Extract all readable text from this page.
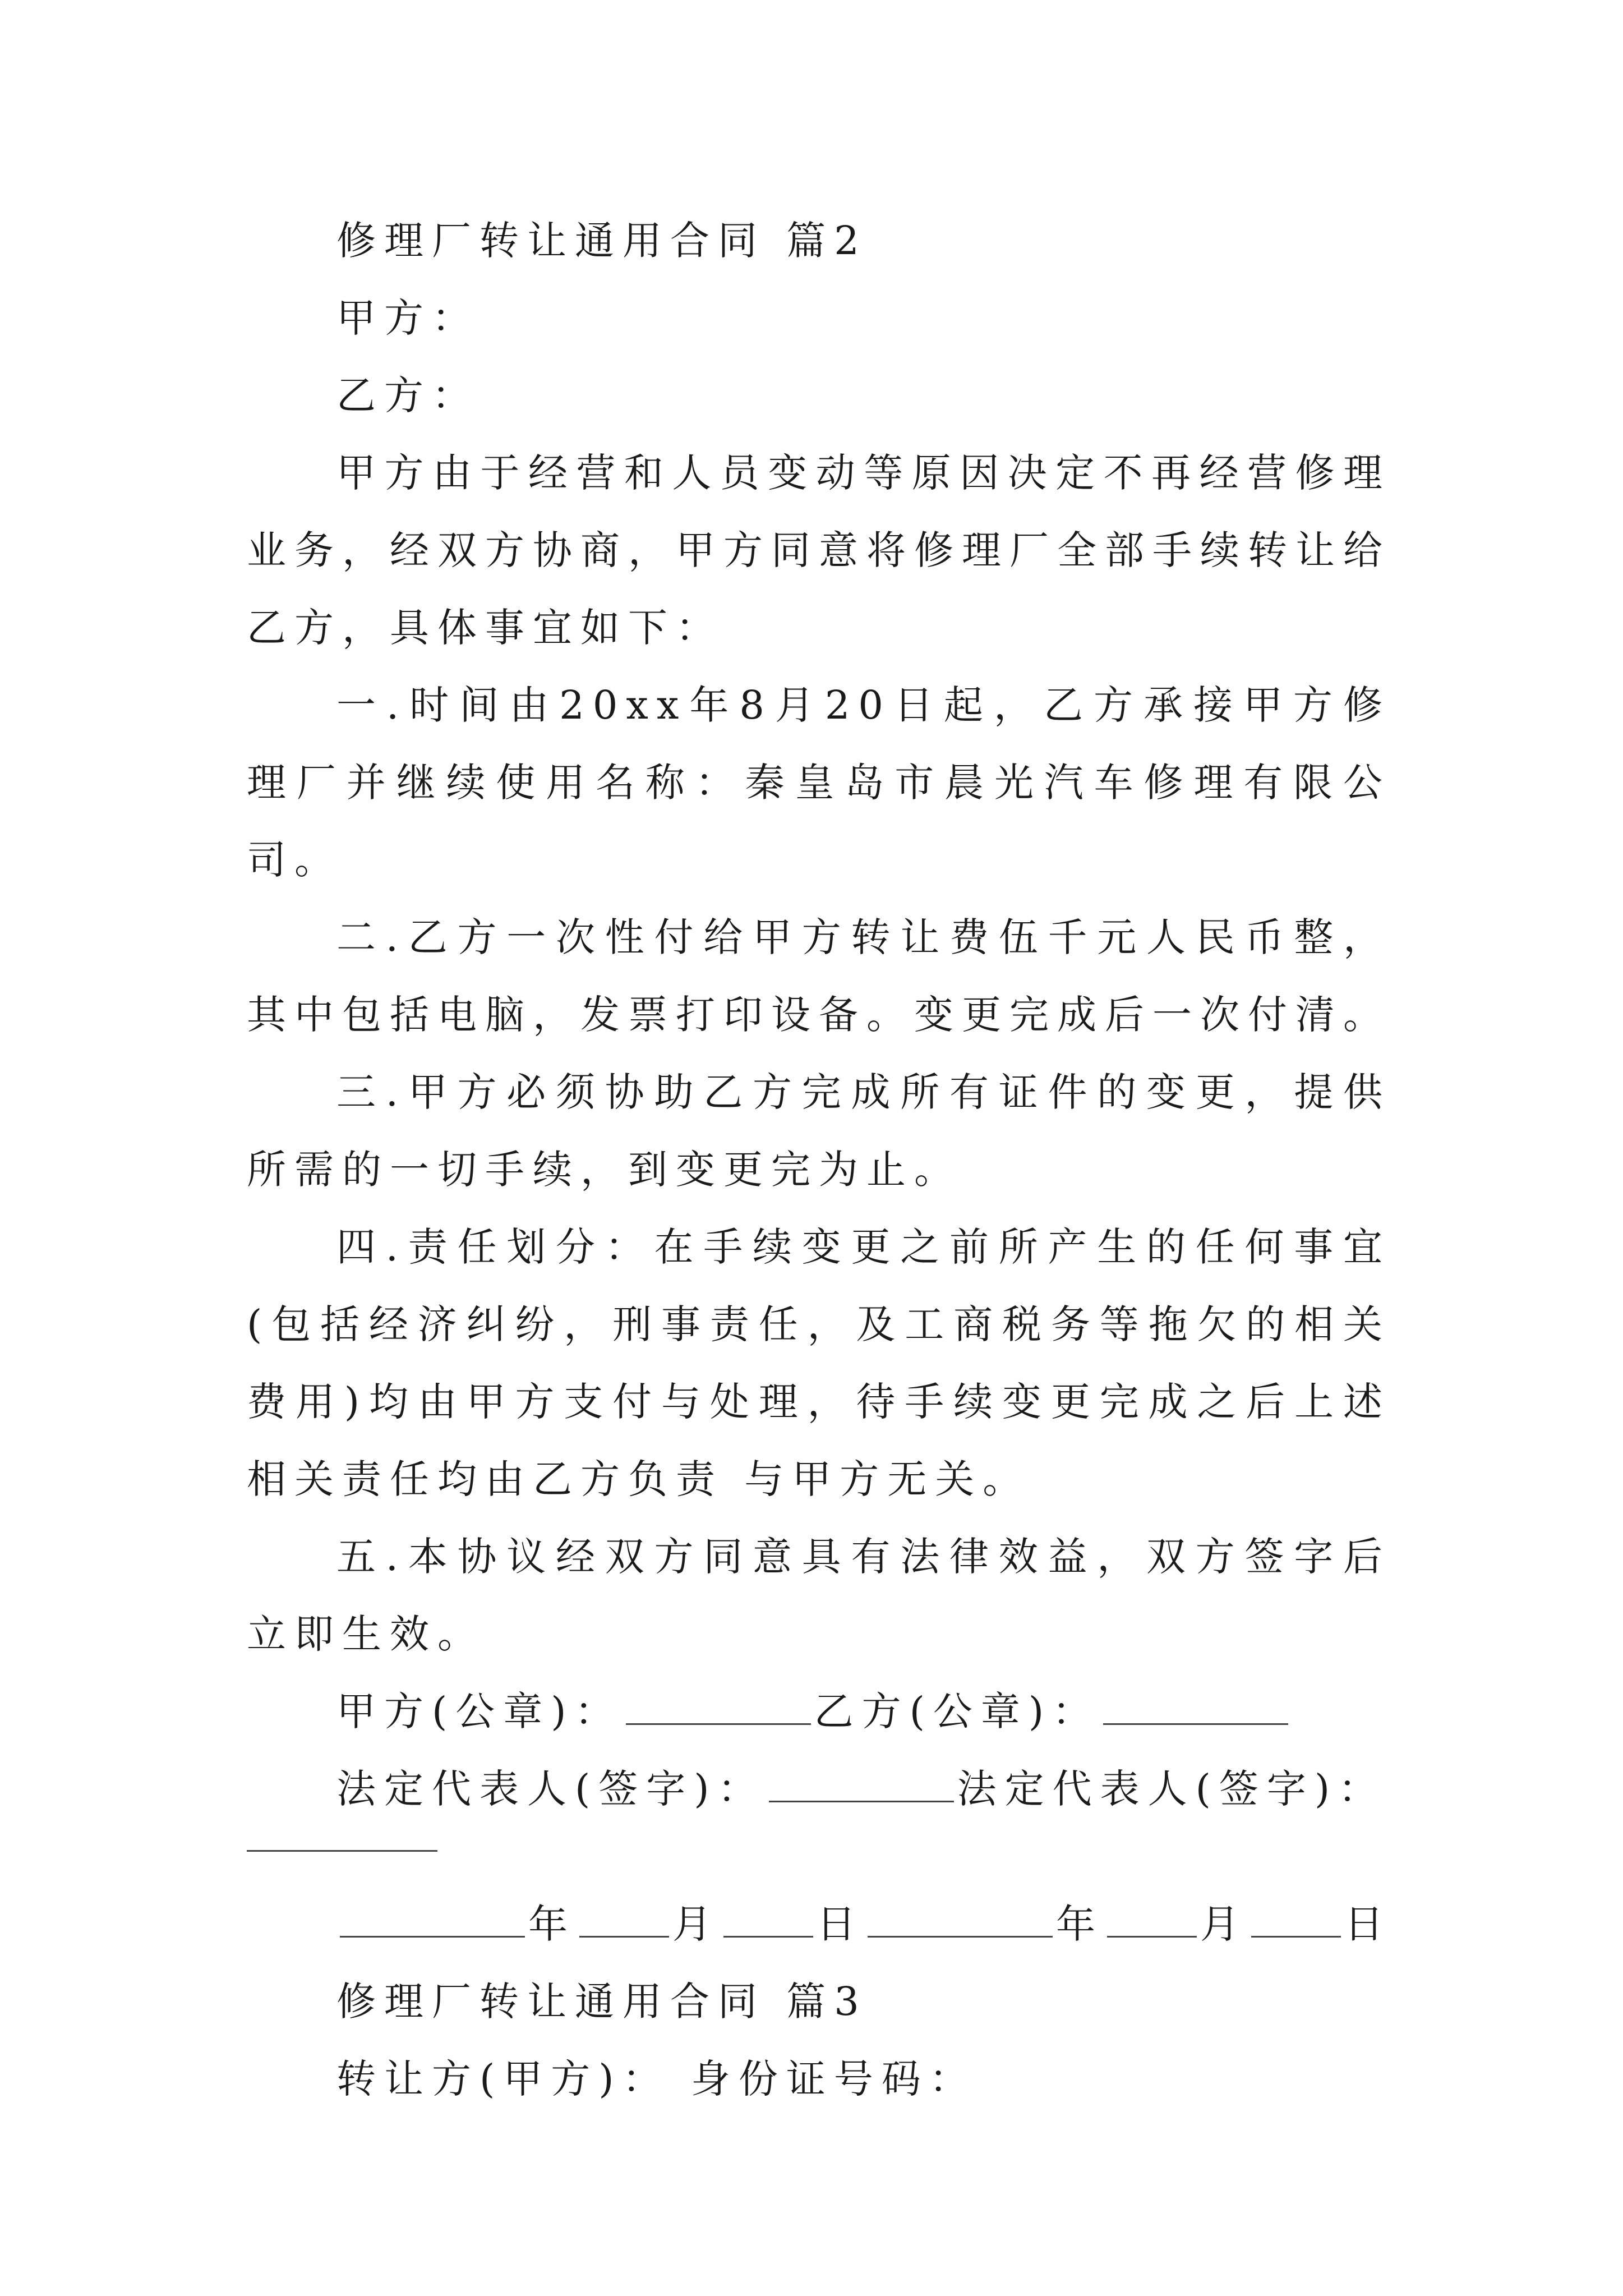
修理厂转让通用合同 篇2

甲方：

乙方：

甲方由于经营和人员变动等原因决定不再经营修理业务，经双方协商，甲方同意将修理厂全部手续转让给乙方，具体事宜如下：

一.时间由20xx年8月20日起，乙方承接甲方修理厂并继续使用名称：秦皇岛市晨光汽车修理有限公司。

二.乙方一次性付给甲方转让费伍千元人民币整，其中包括电脑，发票打印设备。变更完成后一次付清。

三.甲方必须协助乙方完成所有证件的变更，提供所需的一切手续，到变更完为止。

四.责任划分：在手续变更之前所产生的任何事宜(包括经济纠纷，刑事责任，及工商税务等拖欠的相关费用)均由甲方支付与处理，待手续变更完成之后上述相关责任均由乙方负责 与甲方无关。

五.本协议经双方同意具有法律效益，双方签字后立即生效。

甲方(公章)：	乙方(公章)：

法定代表人(签字)：	法定代表人(签字)：

年 月 日	年 月 日

修理厂转让通用合同 篇3

转让方(甲方)： 身份证号码：
